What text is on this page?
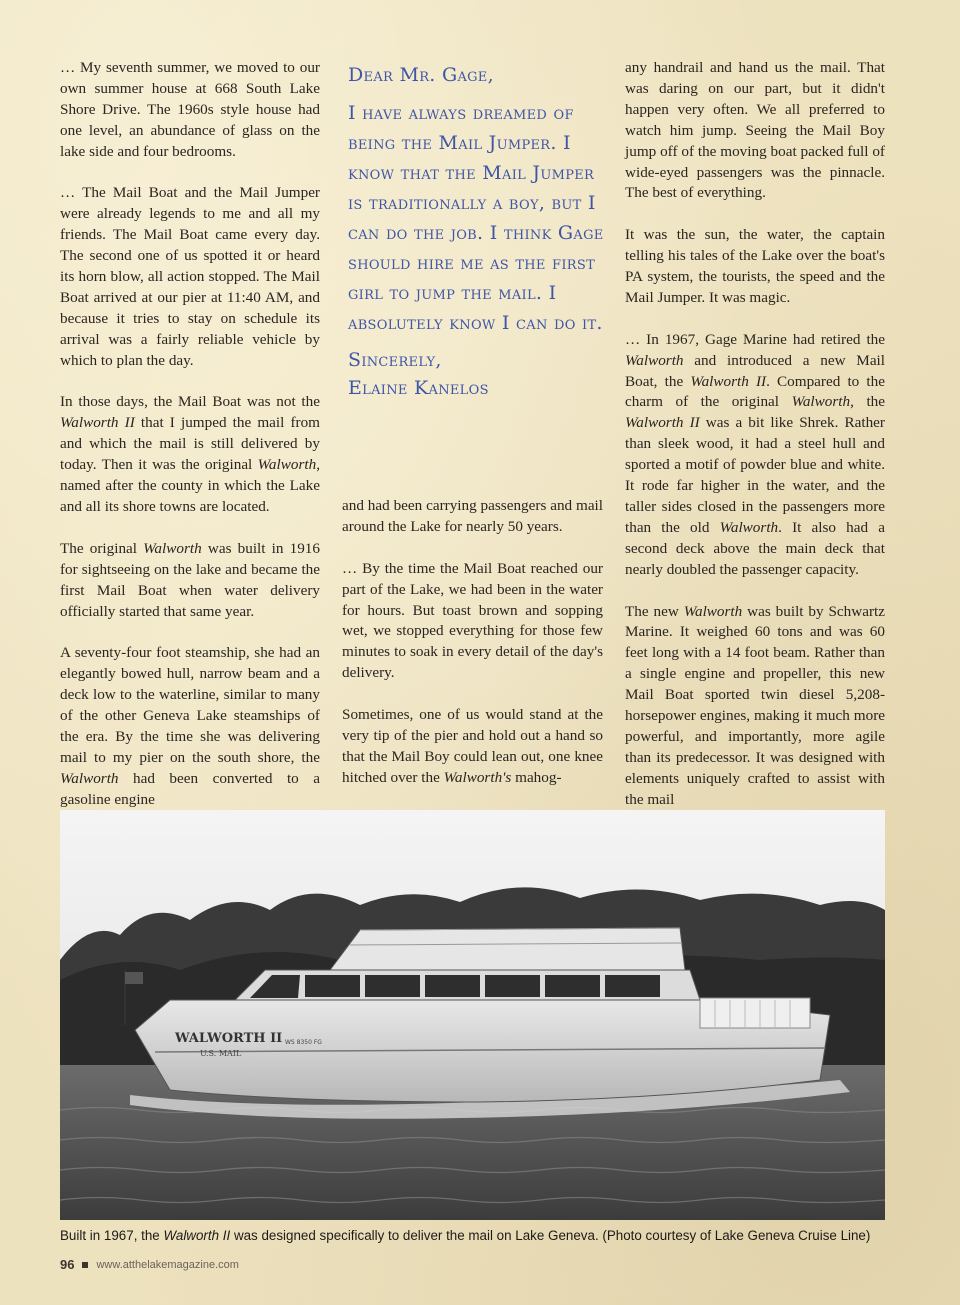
… My seventh summer, we moved to our own summer house at 668 South Lake Shore Drive. The 1960s style house had one level, an abundance of glass on the lake side and four bedrooms.

… The Mail Boat and the Mail Jumper were already legends to me and all my friends. The Mail Boat came every day. The second one of us spotted it or heard its horn blow, all action stopped. The Mail Boat arrived at our pier at 11:40 AM, and because it tries to stay on schedule its arrival was a fairly reliable vehicle by which to plan the day.

In those days, the Mail Boat was not the Walworth II that I jumped the mail from and which the mail is still delivered by today. Then it was the original Walworth, named after the county in which the Lake and all its shore towns are located.

The original Walworth was built in 1916 for sightseeing on the lake and became the first Mail Boat when water delivery officially started that same year.

A seventy-four foot steamship, she had an elegantly bowed hull, narrow beam and a deck low to the waterline, similar to many of the other Geneva Lake steamships of the era. By the time she was delivering mail to my pier on the south shore, the Walworth had been converted to a gasoline engine

Dear Mr. Gage,
I have always dreamed of being the Mail Jumper. I know that the Mail Jumper is traditionally a boy, but I can do the job. I think Gage should hire me as the first girl to jump the mail. I absolutely know I can do it.
Sincerely,
Elaine Kanelos

and had been carrying passengers and mail around the Lake for nearly 50 years.

… By the time the Mail Boat reached our part of the Lake, we had been in the water for hours. But toast brown and sopping wet, we stopped everything for those few minutes to soak in every detail of the day's delivery.

Sometimes, one of us would stand at the very tip of the pier and hold out a hand so that the Mail Boy could lean out, one knee hitched over the Walworth's mahog-

any handrail and hand us the mail. That was daring on our part, but it didn't happen very often. We all preferred to watch him jump. Seeing the Mail Boy jump off of the moving boat packed full of wide-eyed passengers was the pinnacle. The best of everything.

It was the sun, the water, the captain telling his tales of the Lake over the boat's PA system, the tourists, the speed and the Mail Jumper. It was magic.

… In 1967, Gage Marine had retired the Walworth and introduced a new Mail Boat, the Walworth II. Compared to the charm of the original Walworth, the Walworth II was a bit like Shrek. Rather than sleek wood, it had a steel hull and sported a motif of powder blue and white. It rode far higher in the water, and the taller sides closed in the passengers more than the old Walworth. It also had a second deck above the main deck that nearly doubled the passenger capacity.

The new Walworth was built by Schwartz Marine. It weighed 60 tons and was 60 feet long with a 14 foot beam. Rather than a single engine and propeller, this new Mail Boat sported twin diesel 5,208-horsepower engines, making it much more powerful, and importantly, more agile than its predecessor. It was designed with elements uniquely crafted to assist with the mail

WALWORTH II
U.S. MAIL
WS 8350 FG
Built in 1967, the Walworth II was designed specifically to deliver the mail on Lake Geneva. (Photo courtesy of Lake Geneva Cruise Line)
96 www.atthelakemagazine.com
